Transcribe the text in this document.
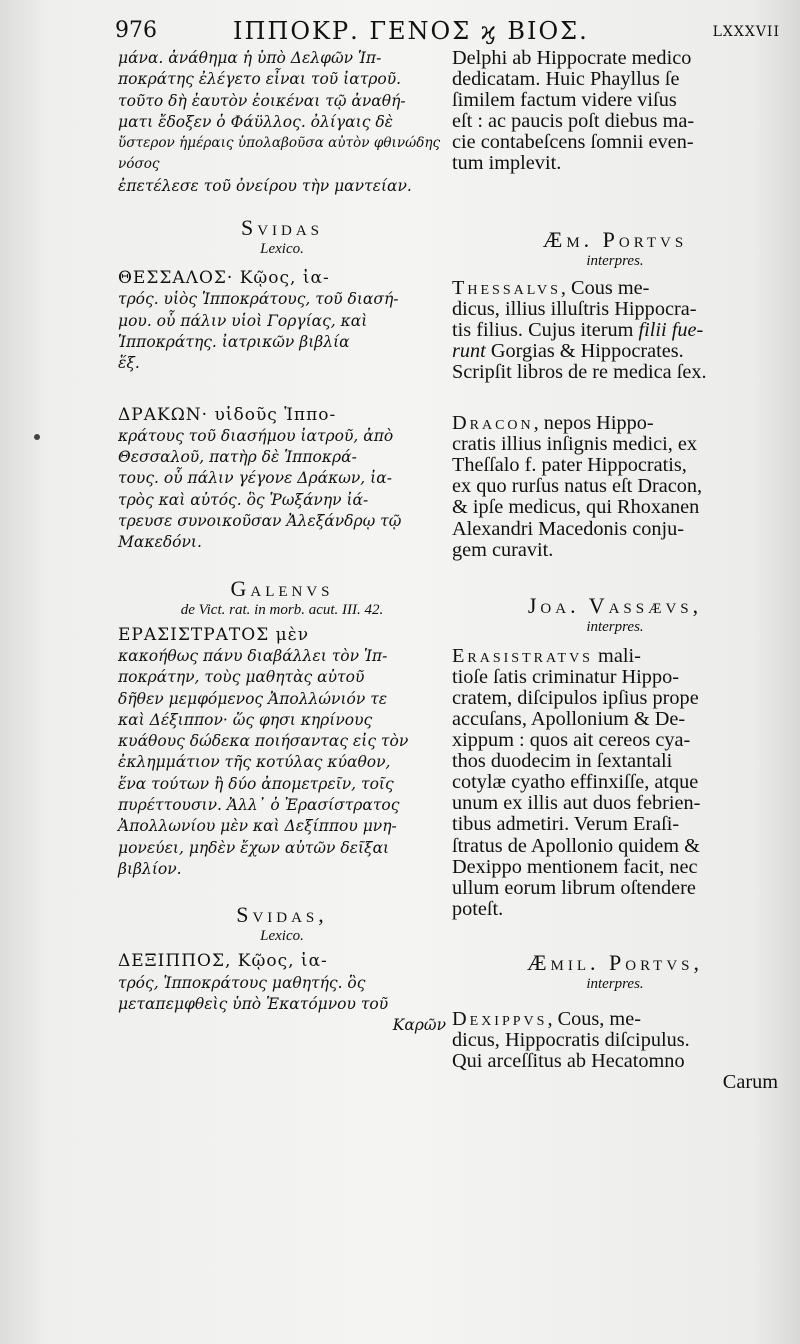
976	ΙΠΠΟΚΡ. ΓΕΝΟΣ ϗ ΒΙΟΣ.	LXXXVII

μάνα. ἀνάθημα ἡ ὑπὸ Δελφῶν Ἱπ-

ποκράτης ἐλέγετο εἶναι τοῦ ἰατροῦ.

τοῦτο δὴ ἑαυτὸν ἐοικέναι τῷ ἀναθή-

ματι ἔδοξεν ὁ Φάϋλλος. ὀλίγαις δὲ

ὕστερον ἡμέραις ὑπολαβοῦσα αὐτὸν φθινώδης νόσος

ἐπετέλεσε τοῦ ὀνείρου τὴν μαντείαν.

Svidas

Lexico.

ΘΕΣΣΑΛΟΣ· Κῷος, ἰα-

τρός. υἱὸς Ἱπποκράτους, τοῦ διασή-

μου. οὗ πάλιν υἱοὶ Γοργίας, καὶ

Ἱπποκράτης. ἰατρικῶν βιβλία

ἕξ.

ΔΡΑΚΩΝ· υἱδοῦς Ἱππο-

κράτους τοῦ διασήμου ἰατροῦ, ἀπὸ

Θεσσαλοῦ, πατὴρ δὲ Ἱπποκρά-

τους. οὗ πάλιν γέγονε Δράκων, ἰα-

τρὸς καὶ αὐτός. ὃς Ῥωξάνην ἰά-

τρευσε συνοικοῦσαν Ἀλεξάνδρῳ τῷ

Μακεδόνι.

Galenvs

de Vict. rat. in morb. acut. III. 42.

ΕΡΑΣΙΣΤΡΑΤΟΣ μὲν

κακοήθως πάνυ διαβάλλει τὸν Ἱπ-

ποκράτην, τοὺς μαθητὰς αὐτοῦ

δῆθεν μεμφόμενος Ἀπολλώνιόν τε

καὶ Δέξιππον· ὥς φησι κηρίνους

κυάθους δώδεκα ποιήσαντας εἰς τὸν

ἐκλημμάτιον τῆς κοτύλας κύαθον,

ἕνα τούτων ἢ δύο ἀπομετρεῖν, τοῖς

πυρέττουσιν. Ἀλλ᾽ ὁ Ἐρασίστρατος

Ἀπολλωνίου μὲν καὶ Δεξίππου μνη-

μονεύει, μηδὲν ἔχων αὐτῶν δεῖξαι

βιβλίον.

Svidas,

Lexico.

ΔΕΞΙΠΠΟΣ, Κῷος, ἰα-

τρός, Ἱπποκράτους μαθητής. ὃς

μεταπεμφθεὶς ὑπὸ Ἑκατόμνου τοῦ

Καρῶν

Delphi ab Hippocrate medico

dedicatam. Huic Phayllus ſe

ſimilem factum videre viſus

eſt : ac paucis poſt diebus ma-

cie contabeſcens ſomnii even-

tum implevit.

Æm. Portvs

interpres.

Thessalvs, Cous me-

dicus, illius illuſtris Hippocra-

tis filius. Cujus iterum filii fue-

runt Gorgias & Hippocrates.

Scripſit libros de re medica ſex.

Dracon, nepos Hippo-

cratis illius inſignis medici, ex

Theſſalo f. pater Hippocratis,

ex quo rurſus natus eſt Dracon,

& ipſe medicus, qui Rhoxanen

Alexandri Macedonis conju-

gem curavit.

Joa. Vassævs,

interpres.

Erasistratvs mali-

tioſe ſatis criminatur Hippo-

cratem, diſcipulos ipſius prope

accuſans, Apollonium & De-

xippum : quos ait cereos cya-

thos duodecim in ſextantali

cotylæ cyatho effinxiſſe, atque

unum ex illis aut duos febrien-

tibus admetiri. Verum Eraſi-

ſtratus de Apollonio quidem &

Dexippo mentionem facit, nec

ullum eorum librum oſtendere

poteſt.

Æmil. Portvs,

interpres.

Dexippvs, Cous, me-

dicus, Hippocratis diſcipulus.

Qui arceſſitus ab Hecatomno

Carum
